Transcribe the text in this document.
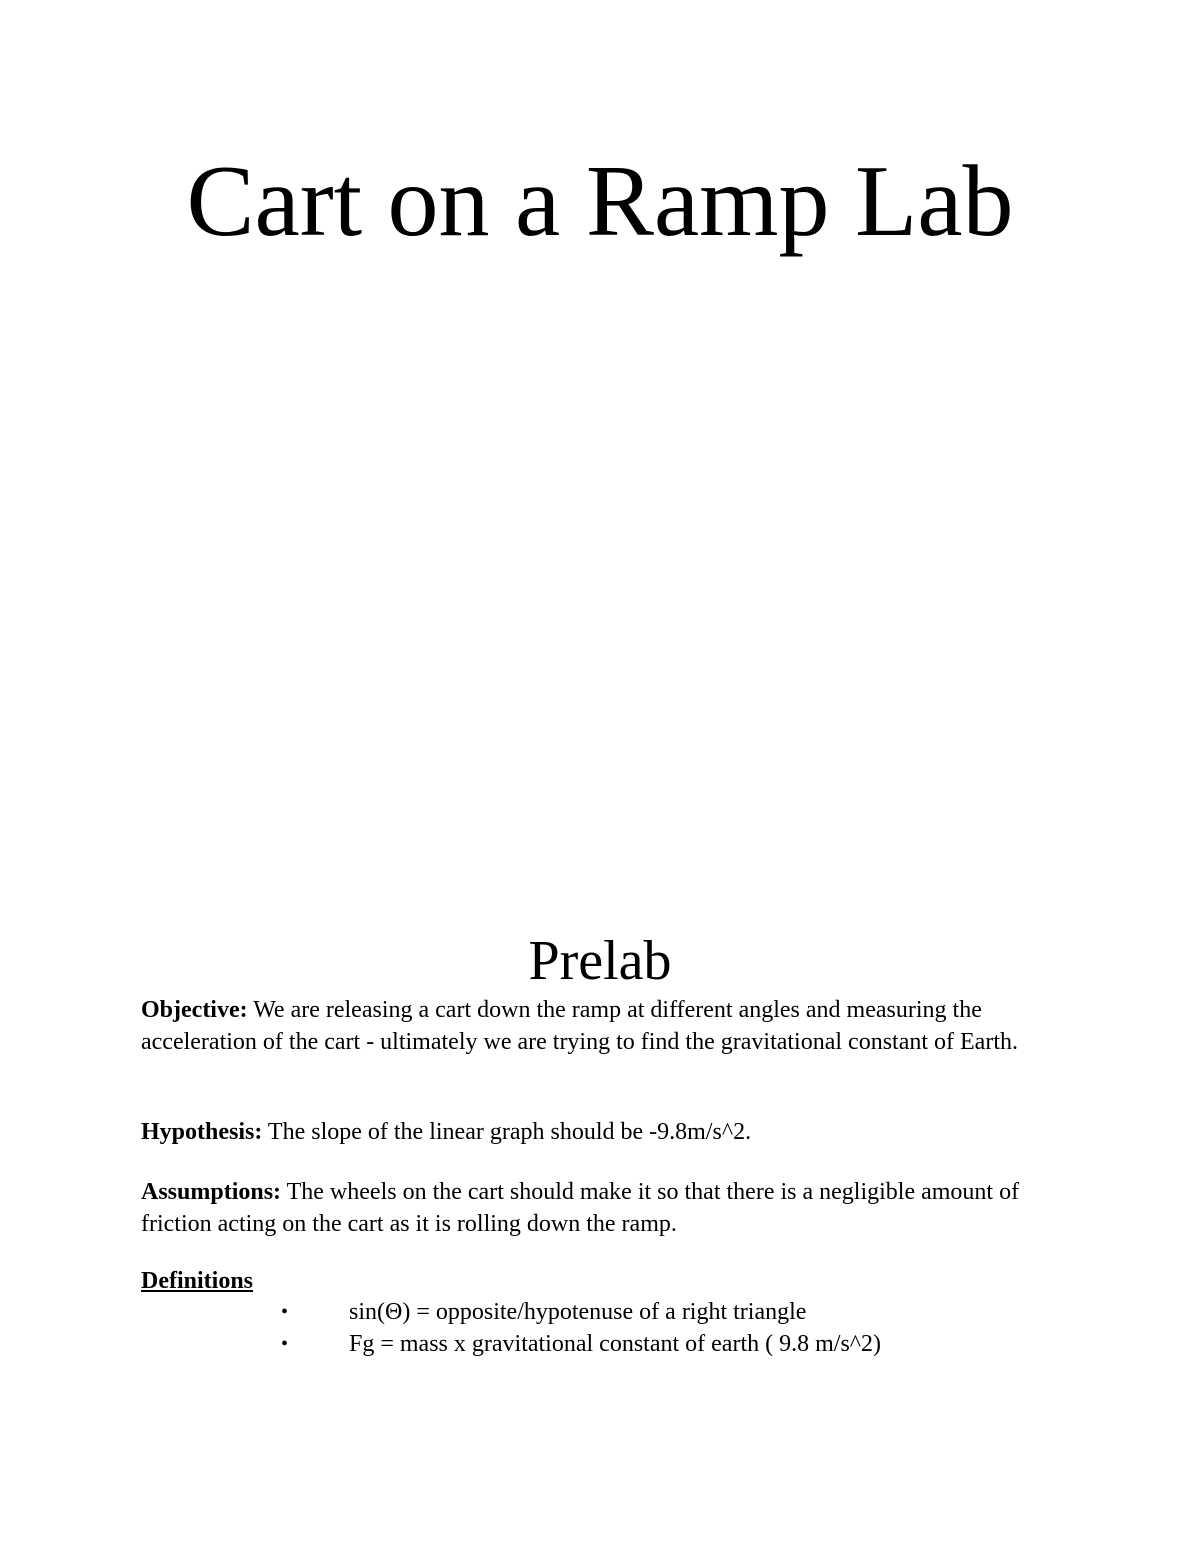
Cart on a Ramp Lab
Prelab

Objective: We are releasing a cart down the ramp at different angles and measuring the acceleration of the cart - ultimately we are trying to find the gravitational constant of Earth.

Hypothesis: The slope of the linear graph should be -9.8m/s^2.

Assumptions: The wheels on the cart should make it so that there is a negligible amount of friction acting on the cart as it is rolling down the ramp.

Definitions

•	sin(Θ) = opposite/hypotenuse of a right triangle
•	Fg = mass x gravitational constant of earth ( 9.8 m/s^2)
